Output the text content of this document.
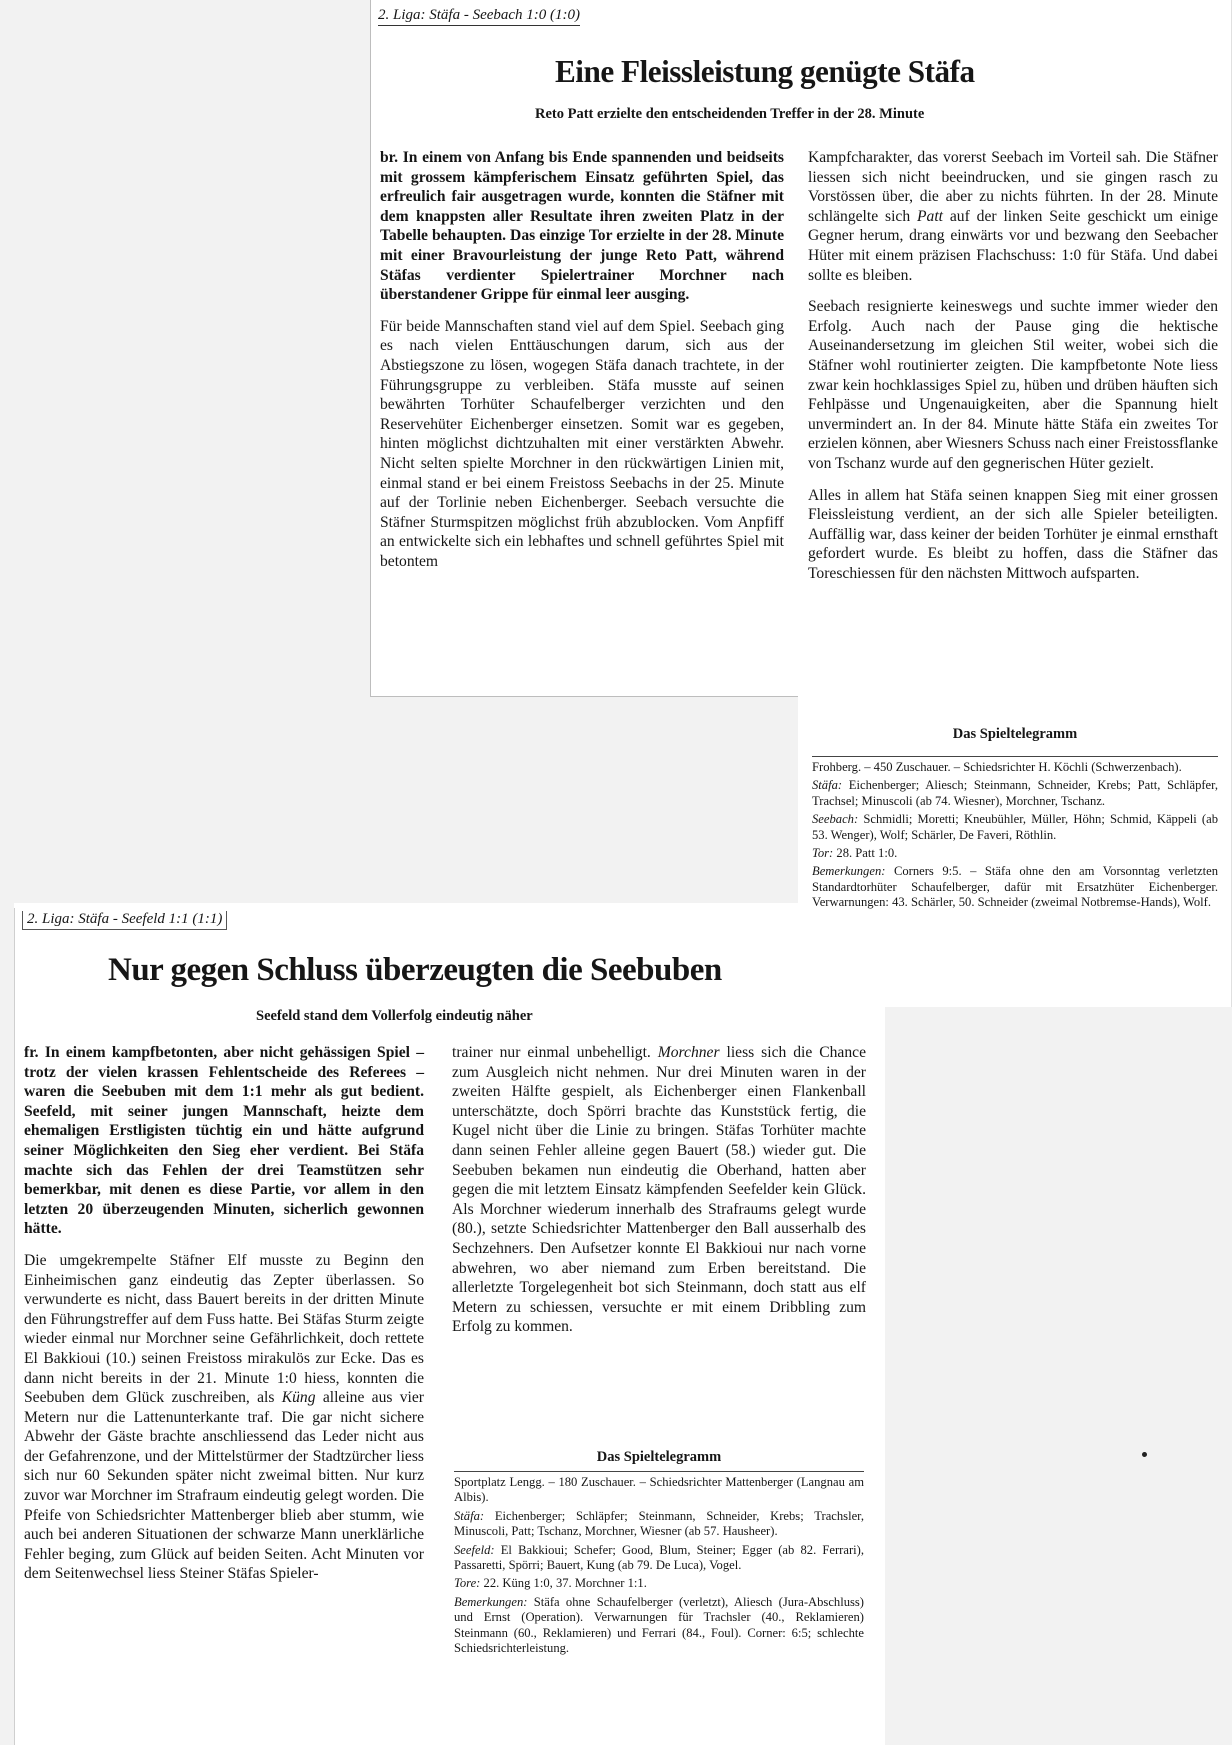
2. Liga: Stäfa - Seebach 1:0 (1:0)
Eine Fleissleistung genügte Stäfa
Reto Patt erzielte den entscheidenden Treffer in der 28. Minute

br. In einem von Anfang bis Ende spannenden und beidseits mit grossem kämpferischem Einsatz geführten Spiel, das erfreulich fair ausgetragen wurde, konnten die Stäfner mit dem knappsten aller Resultate ihren zweiten Platz in der Tabelle behaupten. Das einzige Tor erzielte in der 28. Minute mit einer Bravourleistung der junge Reto Patt, während Stäfas verdienter Spielertrainer Morchner nach überstandener Grippe für einmal leer ausging.

Für beide Mannschaften stand viel auf dem Spiel. Seebach ging es nach vielen Enttäuschungen darum, sich aus der Abstiegszone zu lösen, wogegen Stäfa danach trachtete, in der Führungsgruppe zu verbleiben. Stäfa musste auf seinen bewährten Torhüter Schaufelberger verzichten und den Reservehüter Eichenberger einsetzen. Somit war es gegeben, hinten möglichst dichtzuhalten mit einer verstärkten Abwehr. Nicht selten spielte Morchner in den rückwärtigen Linien mit, einmal stand er bei einem Freistoss Seebachs in der 25. Minute auf der Torlinie neben Eichenberger. Seebach versuchte die Stäfner Sturmspitzen möglichst früh abzublocken. Vom Anpfiff an entwickelte sich ein lebhaftes und schnell geführtes Spiel mit betontem

Kampfcharakter, das vorerst Seebach im Vorteil sah. Die Stäfner liessen sich nicht beeindrucken, und sie gingen rasch zu Vorstössen über, die aber zu nichts führten. In der 28. Minute schlängelte sich Patt auf der linken Seite geschickt um einige Gegner herum, drang einwärts vor und bezwang den Seebacher Hüter mit einem präzisen Flachschuss: 1:0 für Stäfa. Und dabei sollte es bleiben.

Seebach resignierte keineswegs und suchte immer wieder den Erfolg. Auch nach der Pause ging die hektische Auseinandersetzung im gleichen Stil weiter, wobei sich die Stäfner wohl routinierter zeigten. Die kampfbetonte Note liess zwar kein hochklassiges Spiel zu, hüben und drüben häuften sich Fehlpässe und Ungenauigkeiten, aber die Spannung hielt unvermindert an. In der 84. Minute hätte Stäfa ein zweites Tor erzielen können, aber Wiesners Schuss nach einer Freistossflanke von Tschanz wurde auf den gegnerischen Hüter gezielt.

Alles in allem hat Stäfa seinen knappen Sieg mit einer grossen Fleissleistung verdient, an der sich alle Spieler beteiligten. Auffällig war, dass keiner der beiden Torhüter je einmal ernsthaft gefordert wurde. Es bleibt zu hoffen, dass die Stäfner das Toreschiessen für den nächsten Mittwoch aufsparten.

Das Spieltelegramm

Frohberg. – 450 Zuschauer. – Schiedsrichter H. Köchli (Schwerzenbach).

Stäfa: Eichenberger; Aliesch; Steinmann, Schneider, Krebs; Patt, Schläpfer, Trachsel; Minuscoli (ab 74. Wiesner), Morchner, Tschanz.

Seebach: Schmidli; Moretti; Kneubühler, Müller, Höhn; Schmid, Käppeli (ab 53. Wenger), Wolf; Schärler, De Faveri, Röthlin.

Tor: 28. Patt 1:0.

Bemerkungen: Corners 9:5. – Stäfa ohne den am Vorsonntag verletzten Standardtorhüter Schaufelberger, dafür mit Ersatzhüter Eichenberger. Verwarnungen: 43. Schärler, 50. Schneider (zweimal Notbremse-Hands), Wolf.

2. Liga: Stäfa - Seefeld 1:1 (1:1)
Nur gegen Schluss überzeugten die Seebuben
Seefeld stand dem Vollerfolg eindeutig näher

fr. In einem kampfbetonten, aber nicht gehässigen Spiel – trotz der vielen krassen Fehlentscheide des Referees – waren die Seebuben mit dem 1:1 mehr als gut bedient. Seefeld, mit seiner jungen Mannschaft, heizte dem ehemaligen Erstligisten tüchtig ein und hätte aufgrund seiner Möglichkeiten den Sieg eher verdient. Bei Stäfa machte sich das Fehlen der drei Teamstützen sehr bemerkbar, mit denen es diese Partie, vor allem in den letzten 20 überzeugenden Minuten, sicherlich gewonnen hätte.

Die umgekrempelte Stäfner Elf musste zu Beginn den Einheimischen ganz eindeutig das Zepter überlassen. So verwunderte es nicht, dass Bauert bereits in der dritten Minute den Führungstreffer auf dem Fuss hatte. Bei Stäfas Sturm zeigte wieder einmal nur Morchner seine Gefährlichkeit, doch rettete El Bakkioui (10.) seinen Freistoss mirakulös zur Ecke. Das es dann nicht bereits in der 21. Minute 1:0 hiess, konnten die Seebuben dem Glück zuschreiben, als Küng alleine aus vier Metern nur die Lattenunterkante traf. Die gar nicht sichere Abwehr der Gäste brachte anschliessend das Leder nicht aus der Gefahrenzone, und der Mittelstürmer der Stadtzürcher liess sich nur 60 Sekunden später nicht zweimal bitten. Nur kurz zuvor war Morchner im Strafraum eindeutig gelegt worden. Die Pfeife von Schiedsrichter Mattenberger blieb aber stumm, wie auch bei anderen Situationen der schwarze Mann unerklärliche Fehler beging, zum Glück auf beiden Seiten. Acht Minuten vor dem Seitenwechsel liess Steiner Stäfas Spieler-

trainer nur einmal unbehelligt. Morchner liess sich die Chance zum Ausgleich nicht nehmen. Nur drei Minuten waren in der zweiten Hälfte gespielt, als Eichenberger einen Flankenball unterschätzte, doch Spörri brachte das Kunststück fertig, die Kugel nicht über die Linie zu bringen. Stäfas Torhüter machte dann seinen Fehler alleine gegen Bauert (58.) wieder gut. Die Seebuben bekamen nun eindeutig die Oberhand, hatten aber gegen die mit letztem Einsatz kämpfenden Seefelder kein Glück. Als Morchner wiederum innerhalb des Strafraums gelegt wurde (80.), setzte Schiedsrichter Mattenberger den Ball ausserhalb des Sechzehners. Den Aufsetzer konnte El Bakkioui nur nach vorne abwehren, wo aber niemand zum Erben bereitstand. Die allerletzte Torgelegenheit bot sich Steinmann, doch statt aus elf Metern zu schiessen, versuchte er mit einem Dribbling zum Erfolg zu kommen.

Das Spieltelegramm

Sportplatz Lengg. – 180 Zuschauer. – Schiedsrichter Mattenberger (Langnau am Albis).

Stäfa: Eichenberger; Schläpfer; Steinmann, Schneider, Krebs; Trachsler, Minuscoli, Patt; Tschanz, Morchner, Wiesner (ab 57. Hausheer).

Seefeld: El Bakkioui; Schefer; Good, Blum, Steiner; Egger (ab 82. Ferrari), Passaretti, Spörri; Bauert, Kung (ab 79. De Luca), Vogel.

Tore: 22. Küng 1:0, 37. Morchner 1:1.

Bemerkungen: Stäfa ohne Schaufelberger (verletzt), Aliesch (Jura-Abschluss) und Ernst (Operation). Verwarnungen für Trachsler (40., Reklamieren) Steinmann (60., Reklamieren) und Ferrari (84., Foul). Corner: 6:5; schlechte Schiedsrichterleistung.
